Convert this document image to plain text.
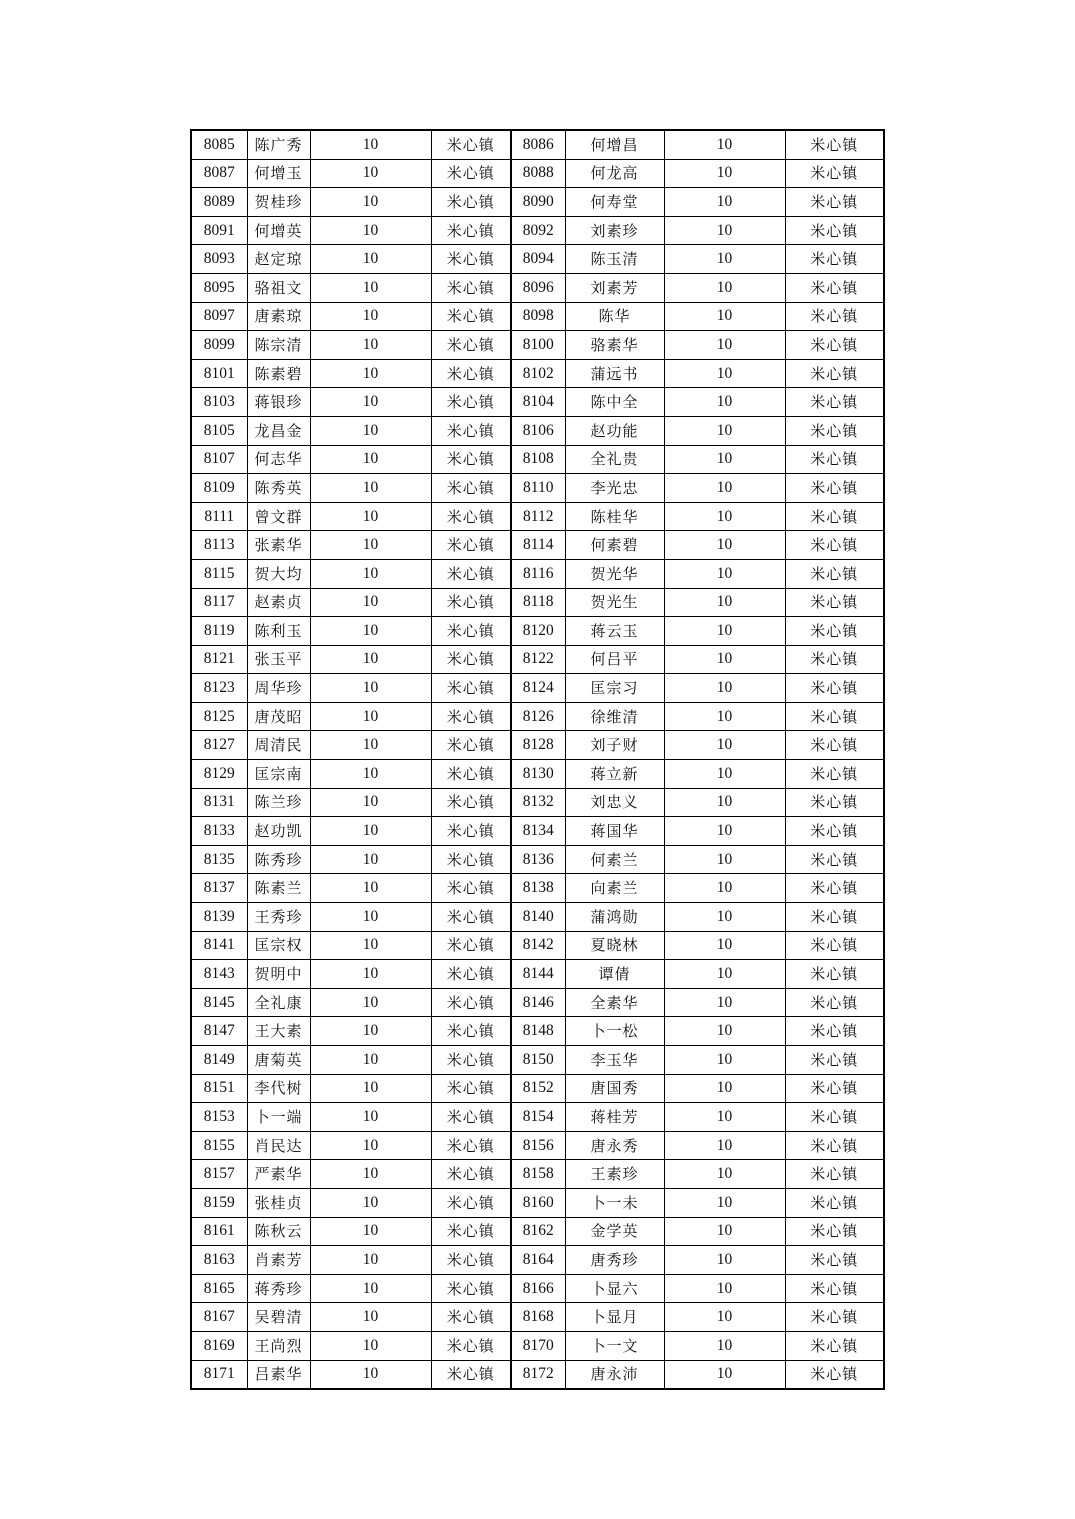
8085	陈广秀	10	米心镇	8086	何增昌	10	米心镇
8087	何增玉	10	米心镇	8088	何龙高	10	米心镇
8089	贺桂珍	10	米心镇	8090	何寿堂	10	米心镇
8091	何增英	10	米心镇	8092	刘素珍	10	米心镇
8093	赵定琼	10	米心镇	8094	陈玉清	10	米心镇
8095	骆祖文	10	米心镇	8096	刘素芳	10	米心镇
8097	唐素琼	10	米心镇	8098	陈华	10	米心镇
8099	陈宗清	10	米心镇	8100	骆素华	10	米心镇
8101	陈素碧	10	米心镇	8102	蒲远书	10	米心镇
8103	蒋银珍	10	米心镇	8104	陈中全	10	米心镇
8105	龙昌金	10	米心镇	8106	赵功能	10	米心镇
8107	何志华	10	米心镇	8108	全礼贵	10	米心镇
8109	陈秀英	10	米心镇	8110	李光忠	10	米心镇
8111	曾文群	10	米心镇	8112	陈桂华	10	米心镇
8113	张素华	10	米心镇	8114	何素碧	10	米心镇
8115	贺大均	10	米心镇	8116	贺光华	10	米心镇
8117	赵素贞	10	米心镇	8118	贺光生	10	米心镇
8119	陈利玉	10	米心镇	8120	蒋云玉	10	米心镇
8121	张玉平	10	米心镇	8122	何吕平	10	米心镇
8123	周华珍	10	米心镇	8124	匡宗习	10	米心镇
8125	唐茂昭	10	米心镇	8126	徐维清	10	米心镇
8127	周清民	10	米心镇	8128	刘子财	10	米心镇
8129	匡宗南	10	米心镇	8130	蒋立新	10	米心镇
8131	陈兰珍	10	米心镇	8132	刘忠义	10	米心镇
8133	赵功凯	10	米心镇	8134	蒋国华	10	米心镇
8135	陈秀珍	10	米心镇	8136	何素兰	10	米心镇
8137	陈素兰	10	米心镇	8138	向素兰	10	米心镇
8139	王秀珍	10	米心镇	8140	蒲鸿勋	10	米心镇
8141	匡宗权	10	米心镇	8142	夏晓林	10	米心镇
8143	贺明中	10	米心镇	8144	谭倩	10	米心镇
8145	全礼康	10	米心镇	8146	全素华	10	米心镇
8147	王大素	10	米心镇	8148	卜一松	10	米心镇
8149	唐菊英	10	米心镇	8150	李玉华	10	米心镇
8151	李代树	10	米心镇	8152	唐国秀	10	米心镇
8153	卜一端	10	米心镇	8154	蒋桂芳	10	米心镇
8155	肖民达	10	米心镇	8156	唐永秀	10	米心镇
8157	严素华	10	米心镇	8158	王素珍	10	米心镇
8159	张桂贞	10	米心镇	8160	卜一未	10	米心镇
8161	陈秋云	10	米心镇	8162	金学英	10	米心镇
8163	肖素芳	10	米心镇	8164	唐秀珍	10	米心镇
8165	蒋秀珍	10	米心镇	8166	卜显六	10	米心镇
8167	吴碧清	10	米心镇	8168	卜显月	10	米心镇
8169	王尚烈	10	米心镇	8170	卜一文	10	米心镇
8171	吕素华	10	米心镇	8172	唐永沛	10	米心镇
